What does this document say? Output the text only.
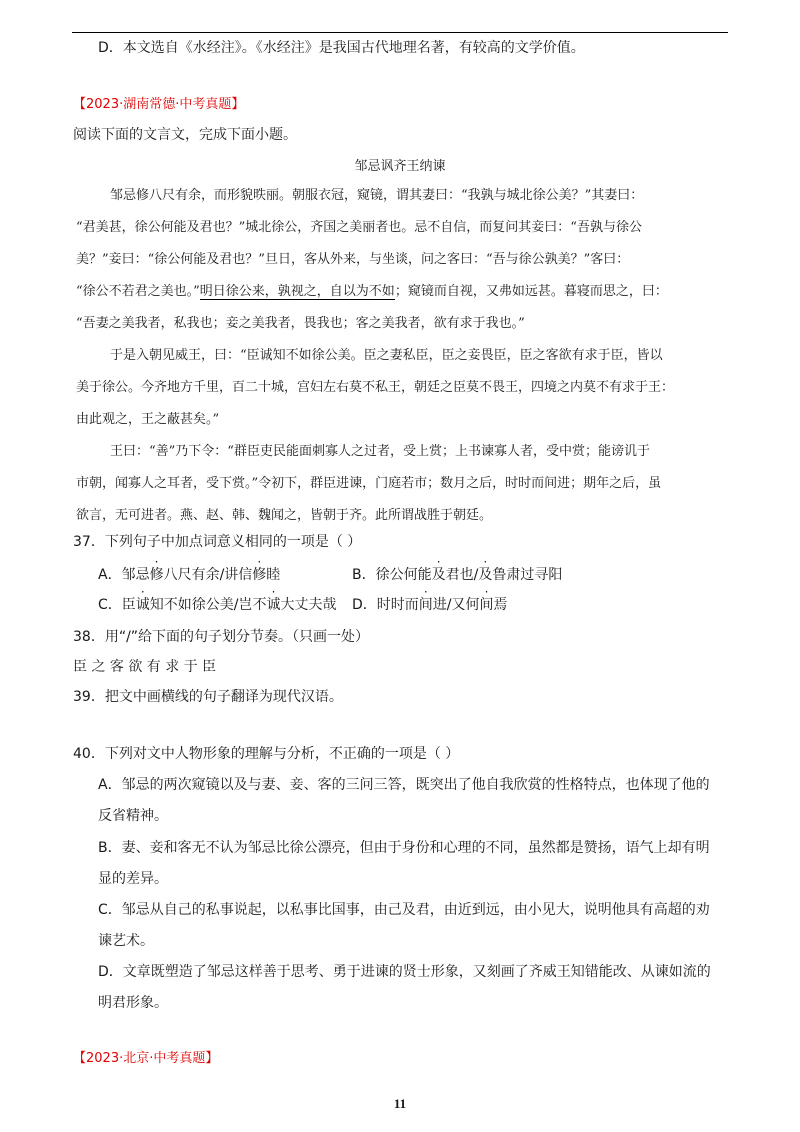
D．本文选自《水经注》。《水经注》是我国古代地理名著，有较高的文学价值。
【2023·湖南常德·中考真题】
阅读下面的文言文，完成下面小题。
邹忌讽齐王纳谏
邹忌修八尺有余，而形貌昳丽。朝服衣冠，窥镜，谓其妻曰：“我孰与城北徐公美？”其妻曰：
“君美甚，徐公何能及君也？”城北徐公，齐国之美丽者也。忌不自信，而复问其妾曰：“吾孰与徐公
美？”妾曰：“徐公何能及君也？”旦日，客从外来，与坐谈，问之客曰：“吾与徐公孰美？”客曰：
“徐公不若君之美也。”明日徐公来，孰视之，自以为不如；窥镜而自视，又弗如远甚。暮寝而思之，曰：
“吾妻之美我者，私我也；妾之美我者，畏我也；客之美我者，欲有求于我也。”
于是入朝见威王，曰：“臣诚知不如徐公美。臣之妻私臣，臣之妾畏臣，臣之客欲有求于臣，皆以
美于徐公。今齐地方千里，百二十城，宫妇左右莫不私王，朝廷之臣莫不畏王，四境之内莫不有求于王：
由此观之，王之蔽甚矣。”
王曰：“善”乃下令：“群臣吏民能面刺寡人之过者，受上赏；上书谏寡人者，受中赏；能谤讥于
市朝，闻寡人之耳者，受下赏。”令初下，群臣进谏，门庭若市；数月之后，时时而间进；期年之后，虽
欲言，无可进者。燕、赵、韩、魏闻之，皆朝于齐。此所谓战胜于朝廷。
37．下列句子中加点词意义相同的一项是（ ）
A．邹忌修八尺有余/讲信修睦	B．徐公何能及君也/及鲁肃过寻阳
C．臣诚知不如徐公美/岂不诚大丈夫哉 D．时时而间进/又何间焉
38．用“/”给下面的句子划分节奏。（只画一处）
臣 之 客 欲 有 求 于 臣
39．把文中画横线的句子翻译为现代汉语。
40．下列对文中人物形象的理解与分析，不正确的一项是（ ）
A．邹忌的两次窥镜以及与妻、妾、客的三问三答，既突出了他自我欣赏的性格特点，也体现了他的
反省精神。
B．妻、妾和客无不认为邹忌比徐公漂亮，但由于身份和心理的不同，虽然都是赞扬，语气上却有明
显的差异。
C．邹忌从自己的私事说起，以私事比国事，由己及君，由近到远，由小见大，说明他具有高超的劝
谏艺术。
D．文章既塑造了邹忌这样善于思考、勇于进谏的贤士形象，又刻画了齐威王知错能改、从谏如流的
明君形象。
【2023·北京·中考真题】
11
